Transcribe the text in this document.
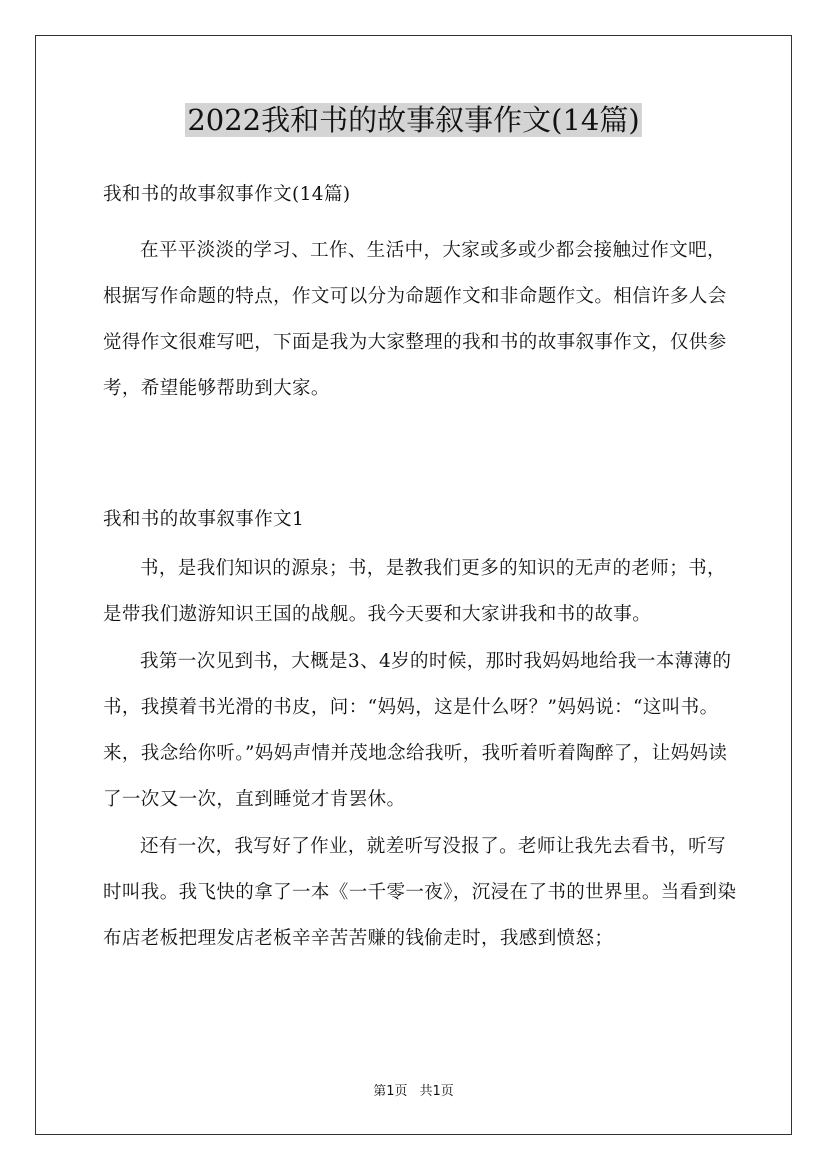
2022我和书的故事叙事作文(14篇)

我和书的故事叙事作文(14篇)

在平平淡淡的学习、工作、生活中，大家或多或少都会接触过作文吧，根据写作命题的特点，作文可以分为命题作文和非命题作文。相信许多人会觉得作文很难写吧，下面是我为大家整理的我和书的故事叙事作文，仅供参考，希望能够帮助到大家。

我和书的故事叙事作文1

书，是我们知识的源泉；书，是教我们更多的知识的无声的老师；书，是带我们遨游知识王国的战舰。我今天要和大家讲我和书的故事。

我第一次见到书，大概是3、4岁的时候，那时我妈妈地给我一本薄薄的书，我摸着书光滑的书皮，问：“妈妈，这是什么呀？”妈妈说：“这叫书。来，我念给你听。”妈妈声情并茂地念给我听，我听着听着陶醉了，让妈妈读了一次又一次，直到睡觉才肯罢休。

还有一次，我写好了作业，就差听写没报了。老师让我先去看书，听写时叫我。我飞快的拿了一本《一千零一夜》，沉浸在了书的世界里。当看到染布店老板把理发店老板辛辛苦苦赚的钱偷走时，我感到愤怒；

第1页 共1页
